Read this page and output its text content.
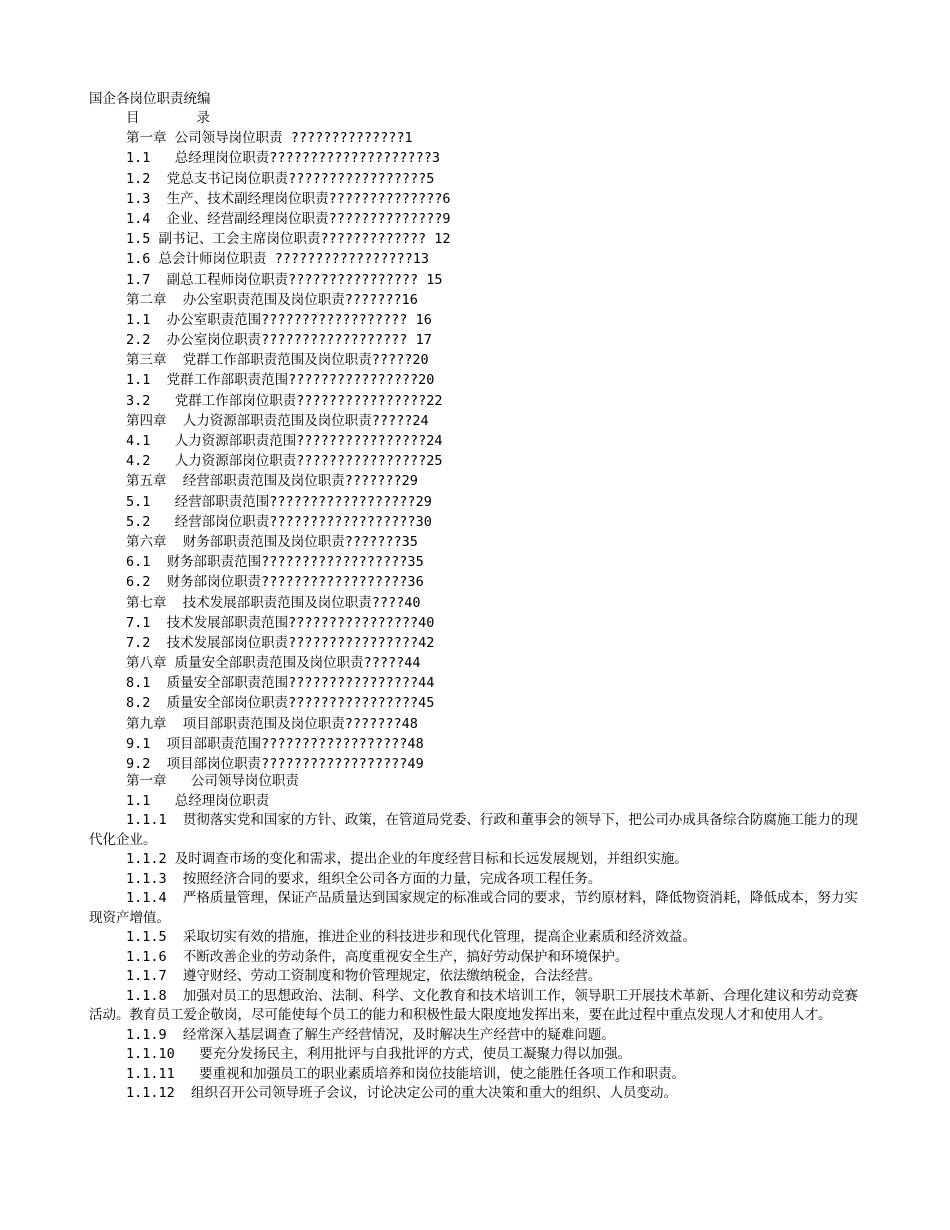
国企各岗位职责统编
目       录
第一章 公司领导岗位职责 ??????????????1
1.1   总经理岗位职责????????????????????3
1.2  党总支书记岗位职责?????????????????5
1.3  生产、技术副经理岗位职责??????????????6
1.4  企业、经营副经理岗位职责??????????????9
1.5 副书记、工会主席岗位职责????????????? 12
1.6 总会计师岗位职责 ?????????????????13
1.7  副总工程师岗位职责???????????????? 15
第二章  办公室职责范围及岗位职责???????16
1.1  办公室职责范围?????????????????? 16
2.2  办公室岗位职责?????????????????? 17
第三章  党群工作部职责范围及岗位职责?????20
1.1  党群工作部职责范围????????????????20
3.2   党群工作部岗位职责????????????????22
第四章  人力资源部职责范围及岗位职责?????24
4.1   人力资源部职责范围????????????????24
4.2   人力资源部岗位职责????????????????25
第五章  经营部职责范围及岗位职责???????29
5.1   经营部职责范围??????????????????29
5.2   经营部岗位职责??????????????????30
第六章  财务部职责范围及岗位职责???????35
6.1  财务部职责范围??????????????????35
6.2  财务部岗位职责??????????????????36
第七章  技术发展部职责范围及岗位职责????40
7.1  技术发展部职责范围????????????????40
7.2  技术发展部岗位职责????????????????42
第八章 质量安全部职责范围及岗位职责?????44
8.1  质量安全部职责范围????????????????44
8.2  质量安全部岗位职责????????????????45
第九章  项目部职责范围及岗位职责???????48
9.1  项目部职责范围??????????????????48
9.2  项目部岗位职责??????????????????49
第一章   公司领导岗位职责
1.1   总经理岗位职责

1.1.1  贯彻落实党和国家的方针、政策，在管道局党委、行政和董事会的领导下，把公司办成具备综合防腐施工能力的现代化企业。

1.1.2 及时调查市场的变化和需求，提出企业的年度经营目标和长远发展规划，并组织实施。

1.1.3  按照经济合同的要求，组织全公司各方面的力量，完成各项工程任务。

1.1.4  严格质量管理，保证产品质量达到国家规定的标准或合同的要求，节约原材料，降低物资消耗，降低成本，努力实现资产增值。

1.1.5  采取切实有效的措施，推进企业的科技进步和现代化管理，提高企业素质和经济效益。

1.1.6  不断改善企业的劳动条件，高度重视安全生产，搞好劳动保护和环境保护。

1.1.7  遵守财经、劳动工资制度和物价管理规定，依法缴纳税金，合法经营。

1.1.8  加强对员工的思想政治、法制、科学、文化教育和技术培训工作，领导职工开展技术革新、合理化建议和劳动竞赛活动。教育员工爱企敬岗，尽可能使每个员工的能力和积极性最大限度地发挥出来，要在此过程中重点发现人才和使用人才。

1.1.9  经常深入基层调查了解生产经营情况，及时解决生产经营中的疑难问题。

1.1.10   要充分发扬民主，利用批评与自我批评的方式，使员工凝聚力得以加强。

1.1.11   要重视和加强员工的职业素质培养和岗位技能培训，使之能胜任各项工作和职责。

1.1.12  组织召开公司领导班子会议，讨论决定公司的重大决策和重大的组织、人员变动。
